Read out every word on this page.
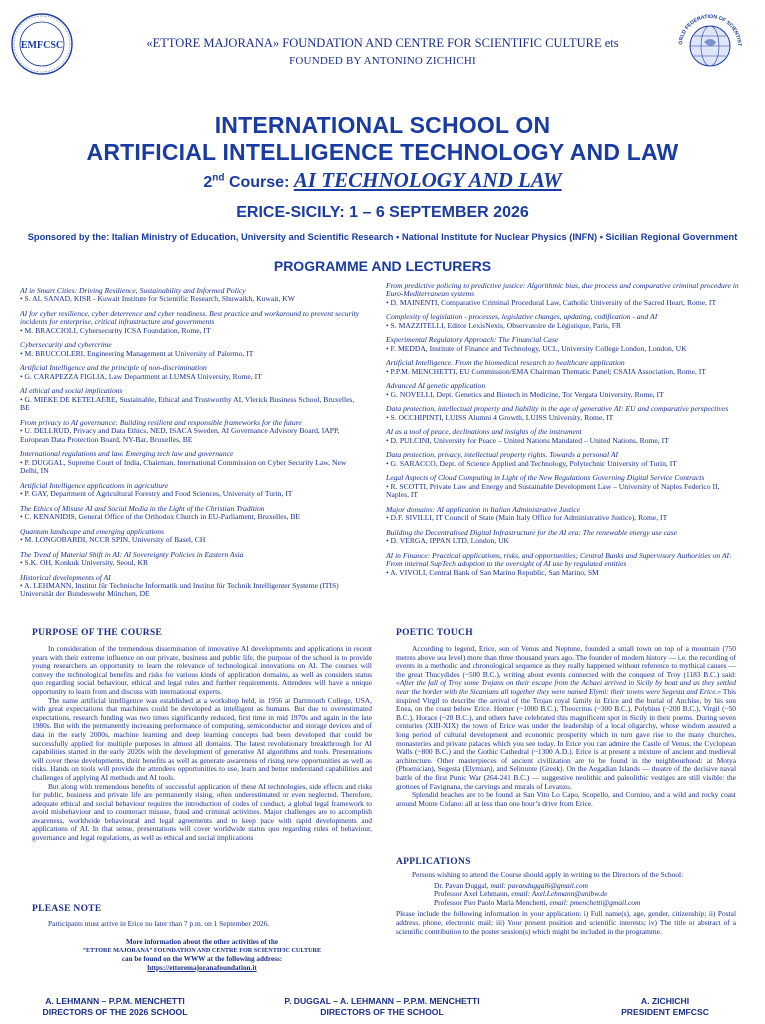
EMFCSC	ORLD FEDERATION OF SCIENTIST
«ETTORE MAJORANA» FOUNDATION AND CENTRE FOR SCIENTIFIC CULTURE ets
FOUNDED BY ANTONINO ZICHICHI
INTERNATIONAL SCHOOL ON
ARTIFICIAL INTELLIGENCE TECHNOLOGY AND LAW
2nd Course: AI TECHNOLOGY AND LAW
ERICE-SICILY: 1 – 6 SEPTEMBER 2026
Sponsored by the: Italian Ministry of Education, University and Scientific Research • National Institute for Nuclear Physics (INFN) • Sicilian Regional Government
PROGRAMME AND LECTURERS
AI in Smart Cities: Driving Resilience, Sustainability and Informed Policy
• S. AL SANAD, KISR - Kuwait Institute for Scientific Research, Shuwaikh, Kuwait, KW
AI for cyber resilience, cyber deterrence and cyber readiness. Best practice and workaround to prevent security incidents for enterprise, critical infrastructure and governments
• M. BRACCIOLI, Cybersecurity ICSA Foundation, Rome, IT
Cybersecurity and cybercrime
• M. BRUCCOLERI, Engineering Management at University of Palermo, IT
Artificial Intelligence and the principle of non-discrimination
• G. CARAPEZZA FIGLIA, Law Department at LUMSA University, Rome, IT
AI ethical and social implications
• G. MIEKE DE KETELAERE, Sustainable, Ethical and Trustworthy AI, Vlerick Business School, Bruxelles, BE
From privacy to AI governance: Building resilient and responsible frameworks for the future
• U. DELLRUD, Privacy and Data Ethics, NED, ISACA Sweden, AI Governance Advisory Board, IAPP, European Data Protection Board, NY-Bar, Bruxelles, BE
International regulations and law. Emerging tech law and governance
• P. DUGGAL, Supreme Court of India, Chairman, International Commission on Cyber Security Law, New Delhi, IN
Artificial Intelligence applications in agriculture
• P. GAY, Department of Agricultural Forestry and Food Sciences, University of Turin, IT
The Ethics of Misuse AI and Social Media in the Light of the Christian Tradition
• C. KENANIDIS, General Office of the Orthodox Church in EU-Parliament, Bruxelles, BE
Quantum landscape and emerging applications
• M. LONGOBARDI, NCCR SPIN, University of Basel, CH
The Trend of Material Shift in AI: AI Sovereignty Policies in Eastern Asia
• S.K. OH, Konkuk University, Seoul, KR
Historical developments of AI
• A. LEHMANN, Institut für Technische Informatik und Institut für Technik Intelligenter Systeme (ITIS) Universität der Bundeswehr München, DE
From predictive policing to predictive justice: Algorithmic bias, due process and comparative criminal procedure in Euro-Mediterranean systems
• D. MAINENTI, Comparative Criminal Procedural Law, Catholic University of the Sacred Heart, Rome, IT
Complexity of legislation - processes, legislative changes, updating, codification - and AI
• S. MAZZITELLI, Editor LexisNexis, Observatoire de Légistique, Paris, FR
Experimental Regulatory Approach: The Financial Case
• F. MEDDA, Institute of Finance and Technology, UCL, University College London, London, UK
Artificial Intelligence. From the biomedical research to healthcare application
• P.P.M. MENCHETTI, EU Commission/EMA Chairman Thematic Panel; CSAIA Association, Rome, IT
Advanced AI genetic application
• G. NOVELLI, Dept. Genetics and Biotech in Medicine, Tor Vergata University, Rome, IT
Data protection, intellectual property and liability in the age of generative AI: EU and comparative perspectives
• S. OCCHIPINTI, LUISS Alumni 4 Growth, LUISS University, Rome, IT
AI as a tool of peace, declinations and insights of the instrument
• D. PULCINI, University for Peace – United Nations Mandated – United Nations, Rome, IT
Data protection, privacy, intellectual property rights. Towards a personal AI
• G. SARACCO, Dept. of Science Applied and Technology, Polytechnic University of Turin, IT
Legal Aspects of Cloud Computing in Light of the New Regulations Governing Digital Service Contracts
• R. SCOTTI, Private Law and Energy and Sustainable Development Law – University of Naples Federico II, Naples, IT
Major domains: AI application in Italian Administrative Justice
• D.F. SIVILLI, IT Council of State (Main Italy Office for Administrative Justice), Rome, IT
Building the Decentralised Digital Infrastructure for the AI era: The renewable energy use case
• D. VERGA, IPPAN LTD, London, UK
AI in Finance: Practical applications, risks, and opportunities; Central Banks and Supervisory Authorities on AI: From internal SupTech adoption to the oversight of AI use by regulated entities
• A. VIVOLI, Central Bank of San Marino Republic, San Marino, SM
PURPOSE OF THE COURSE

In consideration of the tremendous dissemination of innovative AI developments and applications in recent years with their extreme influence on our private, business and public life, the purpose of the school is to provide young researchers an opportunity to learn the relevance of technological innovations on AI. The courses will convey the technological benefits and risks for various kinds of application domains, as well as considers status quo regarding social behaviour, ethical and legal rules and further requirements. Attendees will have a unique opportunity to learn from and discuss with international experts.

The name artificial intelligence was established at a workshop held, in 1956 at Dartmouth College, USA, with great expectations that machines could be developed as intelligent as humans. But due to overestimated expectations, research funding was two times significantly reduced, first time in mid 1970s and again in the late 1980s. But with the permanently increasing performance of computing, semiconductor and storage devices and of data in the early 2000s, machine learning and deep learning concepts had been developed that could be successfully applied for multiple purposes in almost all domains. The latest revolutionary breakthrough for AI capabilities started in the early 2020s with the development of generative AI algorithms and tools. Presentations will cover these developments, their benefits as well as generate awareness of rising new opportunities as well as risks. Hands on tools will provide the attendees opportunities to use, learn and better understand capabilities and challenges of applying AI methods and AI tools.

But along with tremendous benefits of successful application of these AI technologies, side effects and risks for public, business and private life are permanently rising, often underestimated or even neglected. Therefore, adequate ethical and social behaviour requires the introduction of codes of conduct, a global legal framework to avoid misbehaviour and to counteract misuse, fraud and criminal activities. Major challenges are to accomplish awareness, worldwide behavioural and legal agreements and to keep pace with rapid developments and applications of AI. In that sense, presentations will cover worldwide status quo regarding rules of behaviour, governance and legal regulations, as well as ethical and social implications

PLEASE NOTE

Participants must arrive in Erice no later than 7 p.m. on 1 September 2026.

More information about the other activities of the
“ETTORE MAJORANA” FOUNDATION AND CENTRE FOR SCIENTIFIC CULTURE
can be found on the WWW at the following address:
https://ettoremajoranafoundation.it
POETIC TOUCH

According to legend, Erice, son of Venus and Neptune, founded a small town on top of a mountain (750 metres above sea level) more than three thousand years ago. The founder of modern history — i.e. the recording of events in a methodic and chronological sequence as they really happened without reference to mythical causes — the great Thucydides (~500 B.C.), writing about events connected with the conquest of Troy (1183 B.C.) said: «After the fall of Troy some Trojans on their escape from the Achaei arrived in Sicily by boat and as they settled near the border with the Sicanians all together they were named Elymi: their towns were Segesta and Erice.» This inspired Virgil to describe the arrival of the Trojan royal family in Erice and the burial of Anchise, by his son Enea, on the coast below Erice. Homer (~1000 B.C.), Theocritus (~300 B.C.), Polybius (~200 B.C.), Virgil (~50 B.C.), Horace (~20 B.C.), and others have celebrated this magnificent spot in Sicily in their poems. During seven centuries (XIII-XIX) the town of Erice was under the leadership of a local oligarchy, whose wisdom assured a long period of cultural development and economic prosperity which in turn gave rise to the many churches, monasteries and private palaces which you see today. In Erice you can admire the Castle of Venus, the Cyclopean Walls (~800 B.C.) and the Gothic Cathedral (~1300 A.D.). Erice is at present a mixture of ancient and medieval architecture. Other masterpieces of ancient civilization are to be found in the neighbourhood: at Motya (Phoenician), Segesta (Elymian), and Selinunte (Greek). On the Aegadian Islands — theatre of the decisive naval battle of the first Punic War (264-241 B.C.) — suggestive neolithic and paleolithic vestiges are still visible: the grottoes of Favignana, the carvings and murals of Levanzo.

Splendid beaches are to be found at San Vito Lo Capo, Scopello, and Cornino, and a wild and rocky coast around Monte Cofano: all at less than one hour’s drive from Erice.

APPLICATIONS

Persons wishing to attend the Course should apply in writing to the Directors of the School:

Dr. Pavan Duggal, mail: pavanduggal6@gmail.com
Professor Axel Lehmann, email: Axel.Lehmann@unibw.de
Professor Pier Paolo Maria Menchetti, email: pmenchetti@gmail.com

Please include the following information in your application: i) Full name(s), age, gender, citizenship; ii) Postal address, phone, electronic mail; iii) Your present position and scientific interests; iv) The title or abstract of a scientific contribution to the poster session(s) which might be included in the programme.

A. LEHMANN – P.P.M. MENCHETTI
DIRECTORS OF THE 2026 SCHOOL
P. DUGGAL – A. LEHMANN – P.P.M. MENCHETTI
DIRECTORS OF THE SCHOOL
A. ZICHICHI
PRESIDENT EMFCSC
